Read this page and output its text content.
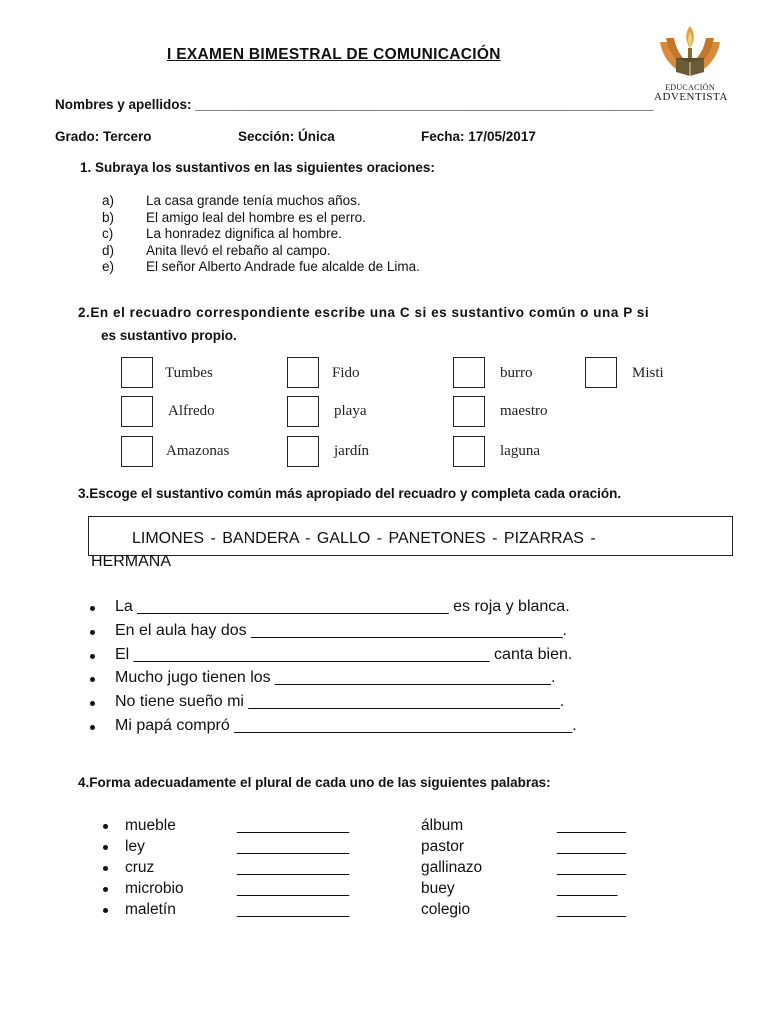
I EXAMEN BIMESTRAL DE COMUNICACIÓN
EDUCACIÓN
ADVENTISTA
Nombres y apellidos: _____________________________________________________________
Grado: Tercero	Sección: Única	Fecha: 17/05/2017
1. Subraya los sustantivos en las siguientes oraciones:
a)	La casa grande tenía muchos años.
b)	El amigo leal del hombre es el perro.
c)	La honradez dignifica al hombre.
d)	Anita llevó el rebaño al campo.
e)	El señor Alberto Andrade fue alcalde de Lima.
2.En el recuadro correspondiente escribe una C si es sustantivo común o una P si
es sustantivo propio.
Tumbes	Fido	burro	Misti
Alfredo	playa	maestro
Amazonas	jardín	laguna
3.Escoge el sustantivo común más apropiado del recuadro y completa cada oración.
LIMONES - BANDERA - GALLO - PANETONES - PIZARRAS -
HERMANA
La ___________________________________ es roja y blanca.
En el aula hay dos ___________________________________.
El ________________________________________ canta bien.
Mucho jugo tienen los _______________________________.
No tiene sueño mi ___________________________________.
Mi papá compró ______________________________________.
4.Forma adecuadamente el plural de cada uno de las siguientes palabras:
mueble	_____________	álbum	________
ley	_____________	pastor	________
cruz	_____________	gallinazo	________
microbio	_____________	buey	_______
maletín	_____________	colegio	________
